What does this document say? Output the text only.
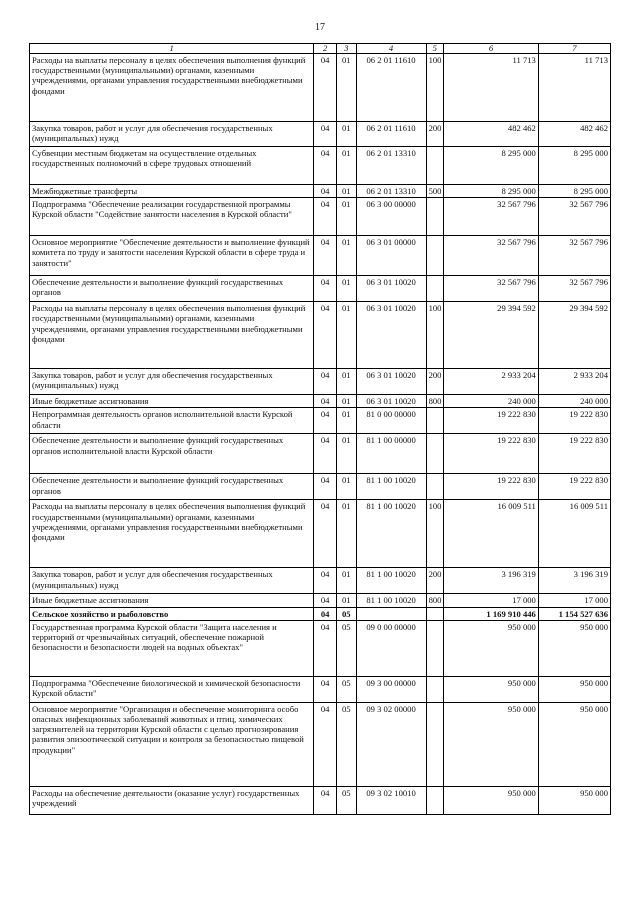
17
1	2	3	4	5	6	7
Расходы на выплаты персоналу в целях обеспечения выполнения функций государственными (муниципальными) органами, казенными учреждениями, органами управления государственными внебюджетными фондами	04	01	06 2 01 11610	100	11 713	11 713
Закупка товаров, работ и услуг для обеспечения государственных (муниципальных) нужд	04	01	06 2 01 11610	200	482 462	482 462
Субвенции местным бюджетам на осуществление отдельных государственных полномочий в сфере трудовых отношений	04	01	06 2 01 13310		8 295 000	8 295 000
Межбюджетные трансферты	04	01	06 2 01 13310	500	8 295 000	8 295 000
Подпрограмма "Обеспечение реализации государственной программы Курской области "Содействие занятости населения в Курской области"	04	01	06 3 00 00000		32 567 796	32 567 796
Основное мероприятие "Обеспечение деятельности и выполнение функций комитета по труду и занятости населения Курской области в сфере труда и занятости"	04	01	06 3 01 00000		32 567 796	32 567 796
Обеспечение деятельности и выполнение функций государственных органов	04	01	06 3 01 10020		32 567 796	32 567 796
Расходы на выплаты персоналу в целях обеспечения выполнения функций государственными (муниципальными) органами, казенными учреждениями, органами управления государственными внебюджетными фондами	04	01	06 3 01 10020	100	29 394 592	29 394 592
Закупка товаров, работ и услуг для обеспечения государственных (муниципальных) нужд	04	01	06 3 01 10020	200	2 933 204	2 933 204
Иные бюджетные ассигнования	04	01	06 3 01 10020	800	240 000	240 000
Непрограммная деятельность органов исполнительной власти Курской области	04	01	81 0 00 00000		19 222 830	19 222 830
Обеспечение деятельности и выполнение функций государственных органов исполнительной власти Курской области	04	01	81 1 00 00000		19 222 830	19 222 830
Обеспечение деятельности и выполнение функций государственных органов	04	01	81 1 00 10020		19 222 830	19 222 830
Расходы на выплаты персоналу в целях обеспечения выполнения функций государственными (муниципальными) органами, казенными учреждениями, органами управления государственными внебюджетными фондами	04	01	81 1 00 10020	100	16 009 511	16 009 511
Закупка товаров, работ и услуг для обеспечения государственных (муниципальных) нужд	04	01	81 1 00 10020	200	3 196 319	3 196 319
Иные бюджетные ассигнования	04	01	81 1 00 10020	800	17 000	17 000
Сельское хозяйство и рыболовство	04	05			1 169 910 446	1 154 527 636
Государственная программа Курской области "Защита населения и территорий от чрезвычайных ситуаций, обеспечение пожарной безопасности и безопасности людей на водных объектах"	04	05	09 0 00 00000		950 000	950 000
Подпрограмма "Обеспечение биологической и химической безопасности Курской области"	04	05	09 3 00 00000		950 000	950 000
Основное мероприятие "Организация и обеспечение мониторинга особо опасных инфекционных заболеваний животных и птиц, химических загрязнителей на территории Курской области с целью прогнозирования развития эпизоотической ситуации и контроля за безопасностью пищевой продукции"	04	05	09 3 02 00000		950 000	950 000
Расходы на обеспечение деятельности (оказание услуг) государственных учреждений	04	05	09 3 02 10010		950 000	950 000
